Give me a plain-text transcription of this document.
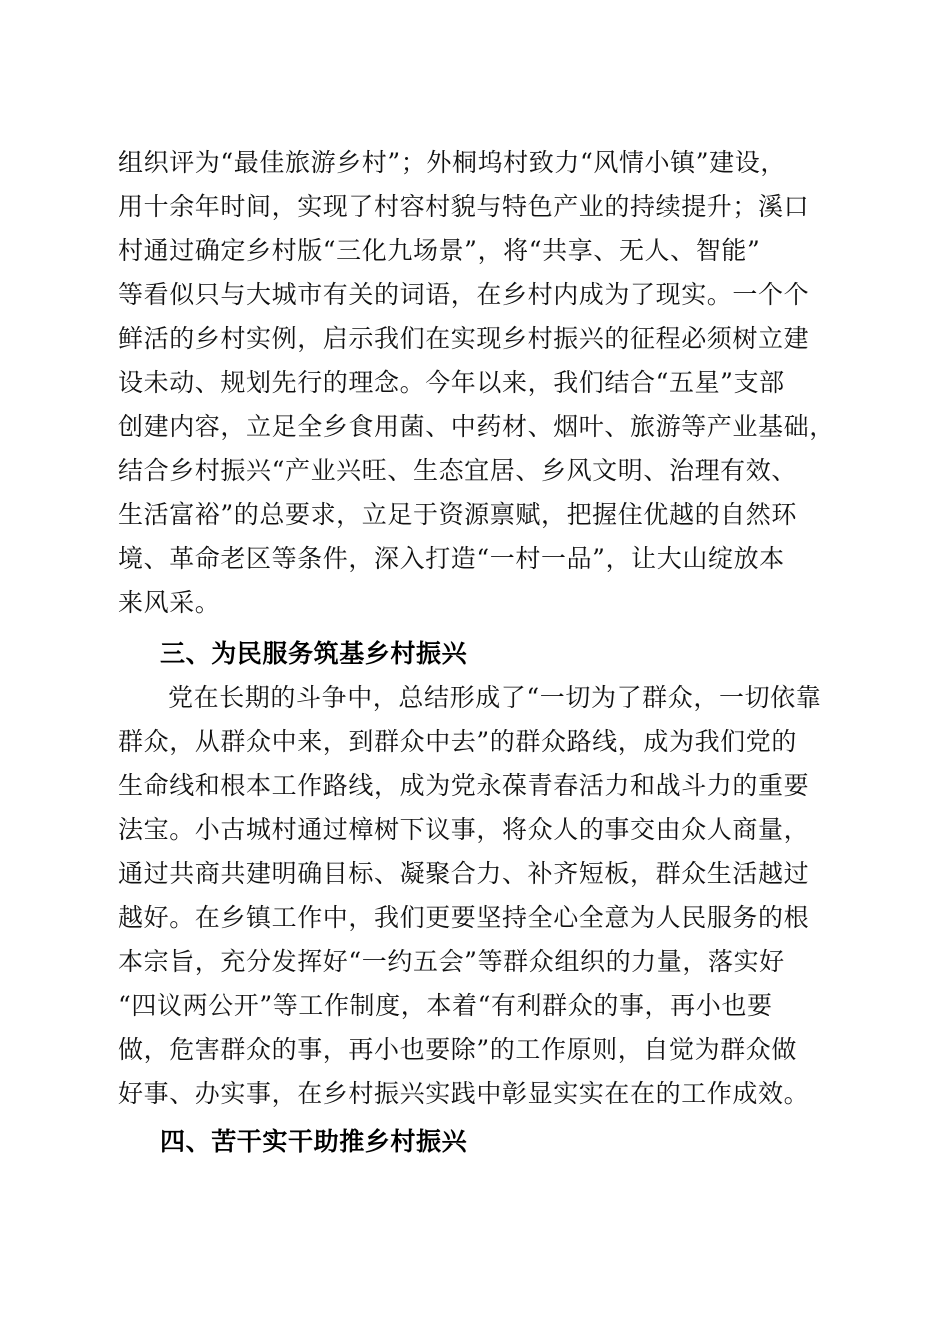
组织评为“最佳旅游乡村”；外桐坞村致力“风情小镇”建设，
用十余年时间，实现了村容村貌与特色产业的持续提升；溪口
村通过确定乡村版“三化九场景”，将“共享、无人、智能”
等看似只与大城市有关的词语，在乡村内成为了现实。一个个
鲜活的乡村实例，启示我们在实现乡村振兴的征程必须树立建
设未动、规划先行的理念。今年以来，我们结合“五星”支部
创建内容，立足全乡食用菌、中药材、烟叶、旅游等产业基础，
结合乡村振兴“产业兴旺、生态宜居、乡风文明、治理有效、
生活富裕”的总要求，立足于资源禀赋，把握住优越的自然环
境、革命老区等条件，深入打造“一村一品”，让大山绽放本
来风采。
三、为民服务筑基乡村振兴
党在长期的斗争中，总结形成了“一切为了群众，一切依靠
群众，从群众中来，到群众中去”的群众路线，成为我们党的
生命线和根本工作路线，成为党永葆青春活力和战斗力的重要
法宝。小古城村通过樟树下议事，将众人的事交由众人商量，
通过共商共建明确目标、凝聚合力、补齐短板，群众生活越过
越好。在乡镇工作中，我们更要坚持全心全意为人民服务的根
本宗旨，充分发挥好“一约五会”等群众组织的力量，落实好
“四议两公开”等工作制度，本着“有利群众的事，再小也要
做，危害群众的事，再小也要除”的工作原则，自觉为群众做
好事、办实事，在乡村振兴实践中彰显实实在在的工作成效。
四、苦干实干助推乡村振兴
